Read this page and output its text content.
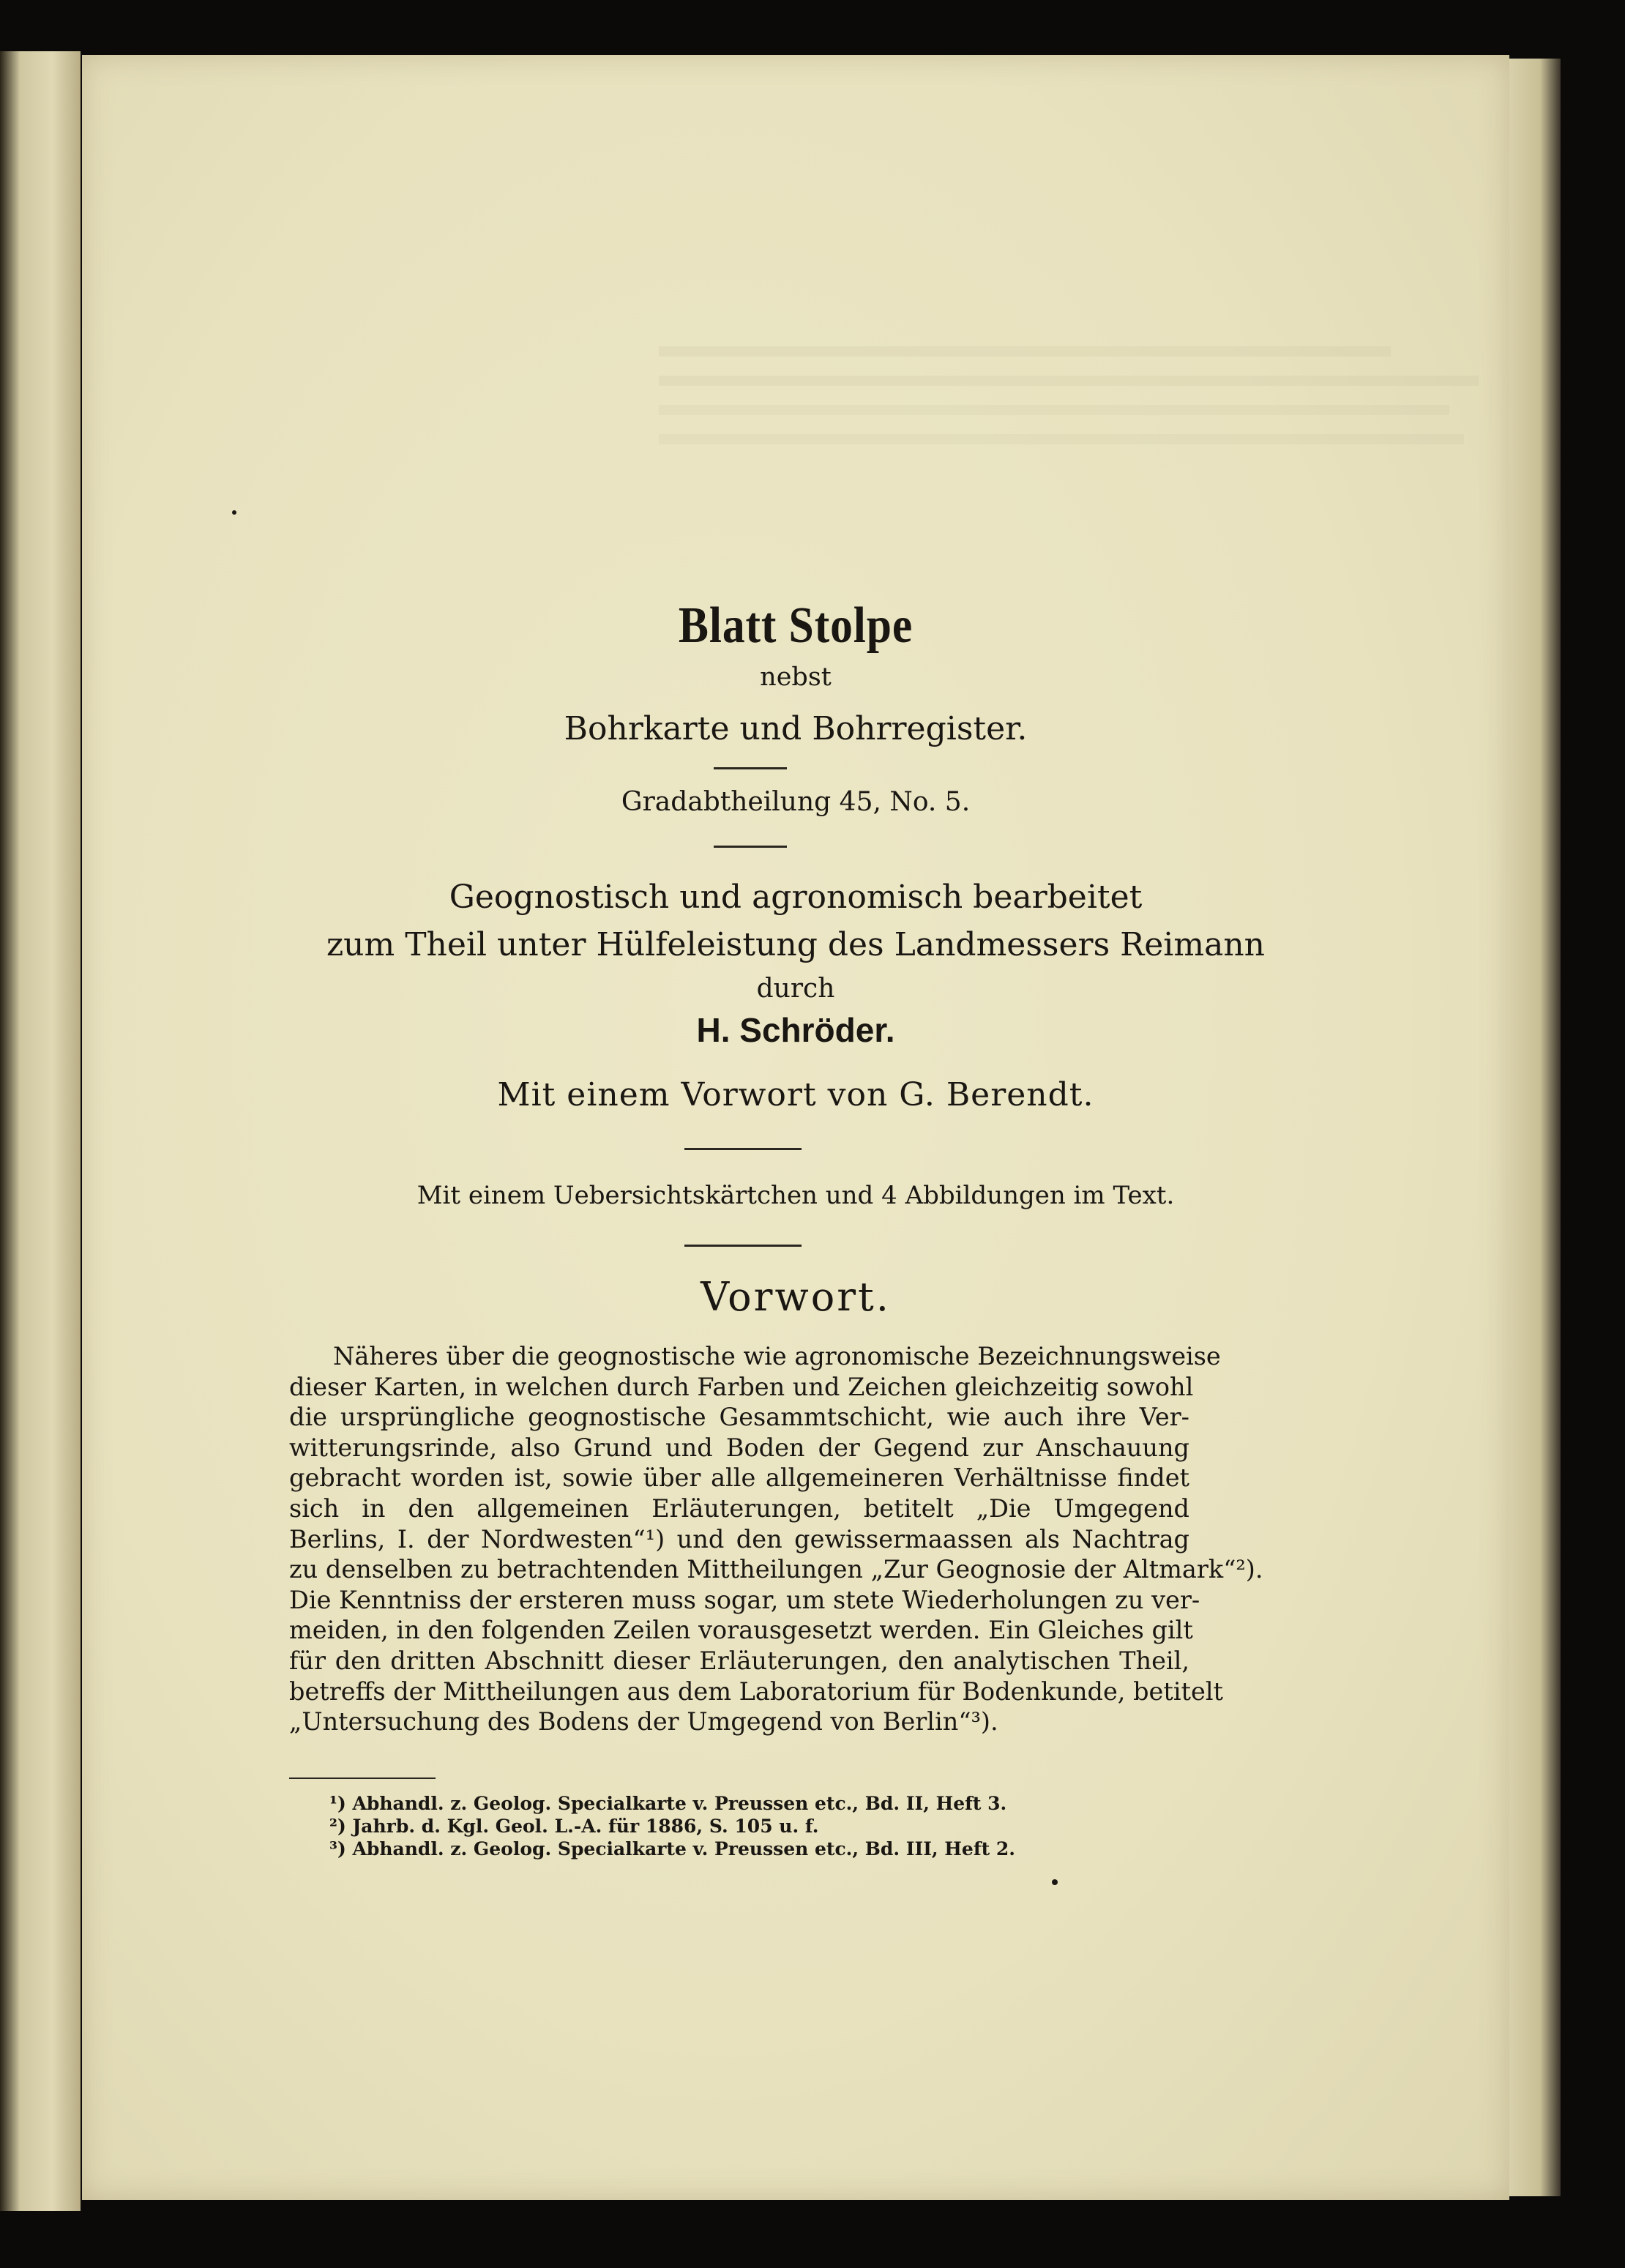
Blatt Stolpe
nebst
Bohrkarte und Bohrregister.
Gradabtheilung 45, No. 5.
Geognostisch und agronomisch bearbeitet
zum Theil unter Hülfeleistung des Landmessers Reimann
durch
H. Schröder.
Mit einem Vorwort von G. Berendt.
Mit einem Uebersichtskärtchen und 4 Abbildungen im Text.
Vorwort.
Näheres über die geognostische wie agronomische Bezeichnungsweise
dieser Karten, in welchen durch Farben und Zeichen gleichzeitig sowohl
die ursprüngliche geognostische Gesammtschicht, wie auch ihre Ver-
witterungsrinde, also Grund und Boden der Gegend zur Anschauung
gebracht worden ist, sowie über alle allgemeineren Verhältnisse findet
sich in den allgemeinen Erläuterungen, betitelt „Die Umgegend
Berlins, I. der Nordwesten“¹) und den gewissermaassen als Nachtrag
zu denselben zu betrachtenden Mittheilungen „Zur Geognosie der Altmark“²).
Die Kenntniss der ersteren muss sogar, um stete Wiederholungen zu ver-
meiden, in den folgenden Zeilen vorausgesetzt werden. Ein Gleiches gilt
für den dritten Abschnitt dieser Erläuterungen, den analytischen Theil,
betreffs der Mittheilungen aus dem Laboratorium für Bodenkunde, betitelt
„Untersuchung des Bodens der Umgegend von Berlin“³).
¹) Abhandl. z. Geolog. Specialkarte v. Preussen etc., Bd. II, Heft 3.
²) Jahrb. d. Kgl. Geol. L.-A. für 1886, S. 105 u. f.
³) Abhandl. z. Geolog. Specialkarte v. Preussen etc., Bd. III, Heft 2.
